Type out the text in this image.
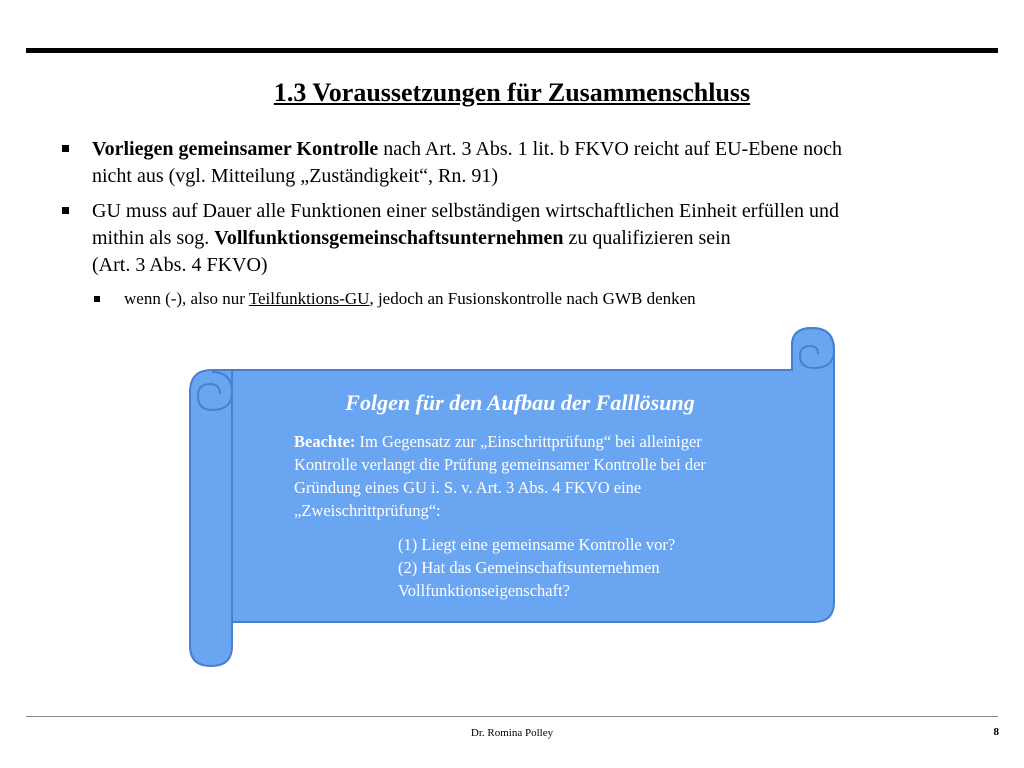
1.3 Voraussetzungen für Zusammenschluss
Vorliegen gemeinsamer Kontrolle nach Art. 3 Abs. 1 lit. b FKVO reicht auf EU-Ebene noch
nicht aus (vgl. Mitteilung „Zuständigkeit“, Rn. 91)
GU muss auf Dauer alle Funktionen einer selbständigen wirtschaftlichen Einheit erfüllen und
mithin als sog. Vollfunktionsgemeinschaftsunternehmen zu qualifizieren sein
(Art. 3 Abs. 4 FKVO)
wenn (-), also nur Teilfunktions-GU, jedoch an Fusionskontrolle nach GWB denken
Folgen für den Aufbau der Falllösung
Beachte: Im Gegensatz zur „Einschrittprüfung“ bei alleiniger
Kontrolle verlangt die Prüfung gemeinsamer Kontrolle bei der
Gründung eines GU i. S. v. Art. 3 Abs. 4 FKVO eine
„Zweischrittprüfung“:
(1) Liegt eine gemeinsame Kontrolle vor?
(2) Hat das Gemeinschaftsunternehmen
Vollfunktionseigenschaft?
Dr. Romina Polley	8
